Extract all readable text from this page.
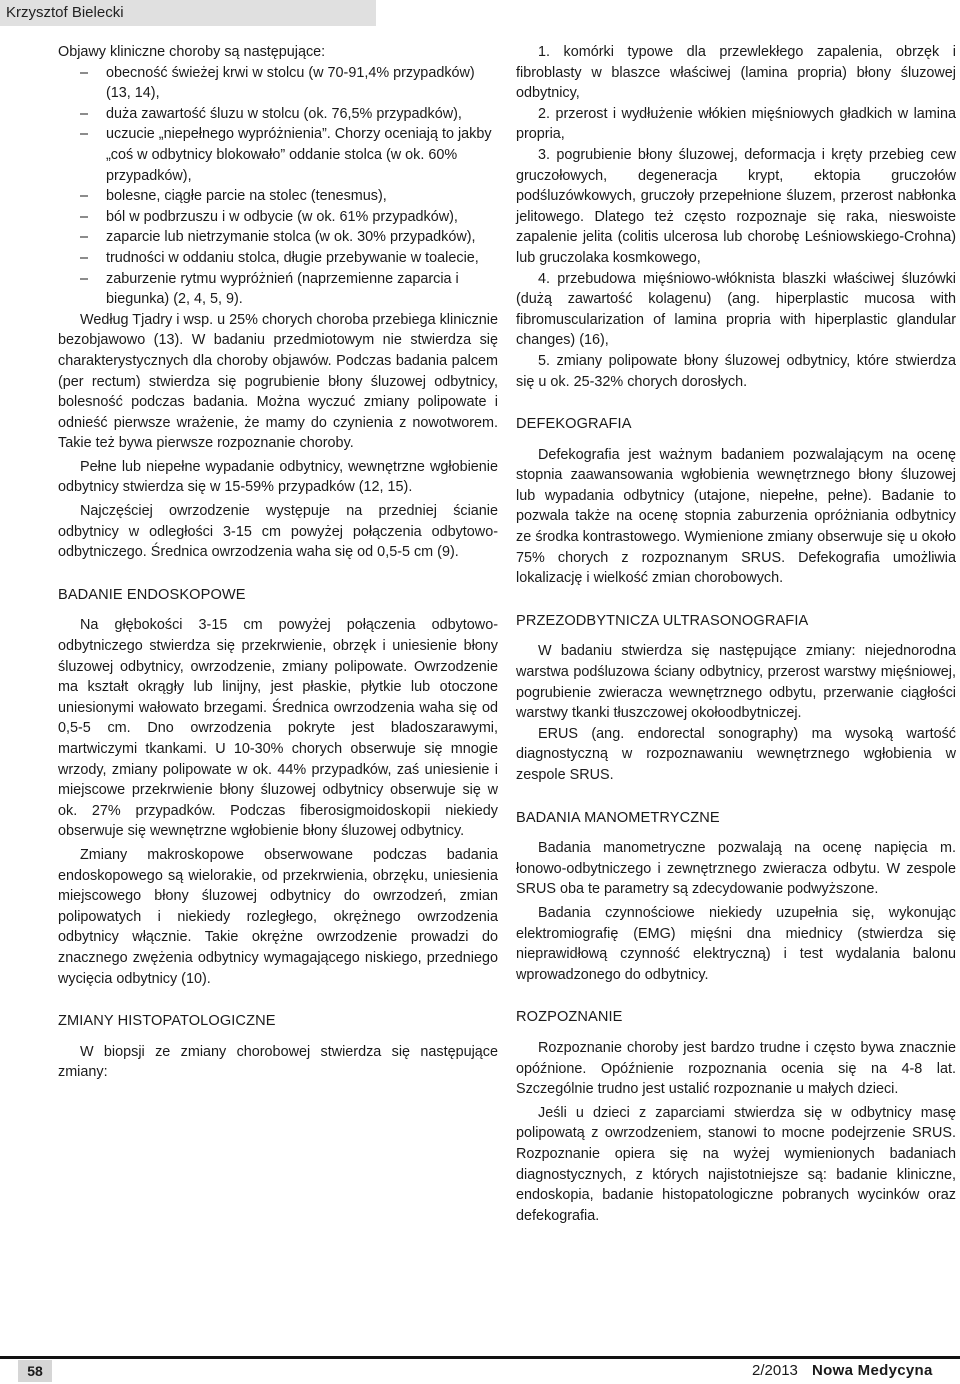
Krzysztof Bielecki

Objawy kliniczne choroby są następujące:

– obecność świeżej krwi w stolcu (w 70-91,4% przypadków) (13, 14),
– duża zawartość śluzu w stolcu (ok. 76,5% przypadków),
– uczucie „niepełnego wypróżnienia”. Chorzy oceniają to jakby „coś w odbytnicy blokowało” oddanie stolca (w ok. 60% przypadków),
– bolesne, ciągłe parcie na stolec (tenesmus),
– ból w podbrzuszu i w odbycie (w ok. 61% przypadków),
– zaparcie lub nietrzymanie stolca (w ok. 30% przypadków),
– trudności w oddaniu stolca, długie przebywanie w toalecie,
– zaburzenie rytmu wypróżnień (naprzemienne zaparcia i biegunka) (2, 4, 5, 9).

Według Tjadry i wsp. u 25% chorych choroba przebiega klinicznie bezobjawowo (13). W badaniu przedmiotowym nie stwierdza się charakterystycznych dla choroby objawów. Podczas badania palcem (per rectum) stwierdza się pogrubienie błony śluzowej odbytnicy, bolesność podczas badania. Można wyczuć zmiany polipowate i odnieść pierwsze wrażenie, że mamy do czynienia z nowotworem. Takie też bywa pierwsze rozpoznanie choroby.

Pełne lub niepełne wypadanie odbytnicy, wewnętrzne wgłobienie odbytnicy stwierdza się w 15-59% przypadków (12, 15).

Najczęściej owrzodzenie występuje na przedniej ścianie odbytnicy w odległości 3-15 cm powyżej połączenia odbytowo-odbytniczego. Średnica owrzodzenia waha się od 0,5-5 cm (9).

BADANIE ENDOSKOPOWE

Na głębokości 3-15 cm powyżej połączenia odbytowo-odbytniczego stwierdza się przekrwienie, obrzęk i uniesienie błony śluzowej odbytnicy, owrzodzenie, zmiany polipowate. Owrzodzenie ma kształt okrągły lub linijny, jest płaskie, płytkie lub otoczone uniesionymi wałowato brzegami. Średnica owrzodzenia waha się od 0,5-5 cm. Dno owrzodzenia pokryte jest bladoszarawymi, martwiczymi tkankami. U 10-30% chorych obserwuje się mnogie wrzody, zmiany polipowate w ok. 44% przypadków, zaś uniesienie i miejscowe przekrwienie błony śluzowej odbytnicy obserwuje się w ok. 27% przypadków. Podczas fiberosigmoidoskopii niekiedy obserwuje się wewnętrzne wgłobienie błony śluzowej odbytnicy.

Zmiany makroskopowe obserwowane podczas badania endoskopowego są wielorakie, od przekrwienia, obrzęku, uniesienia miejscowego błony śluzowej odbytnicy do owrzodzeń, zmian polipowatych i niekiedy rozległego, okrężnego owrzodzenia odbytnicy włącznie. Takie okrężne owrzodzenie prowadzi do znacznego zwężenia odbytnicy wymagającego niskiego, przedniego wycięcia odbytnicy (10).

ZMIANY HISTOPATOLOGICZNE

W biopsji ze zmiany chorobowej stwierdza się następujące zmiany:

1. komórki typowe dla przewlekłego zapalenia, obrzęk i fibroblasty w blaszce właściwej (lamina propria) błony śluzowej odbytnicy,

2. przerost i wydłużenie włókien mięśniowych gładkich w lamina propria,

3. pogrubienie błony śluzowej, deformacja i kręty przebieg cew gruczołowych, degeneracja krypt, ektopia gruczołów podśluzówkowych, gruczoły przepełnione śluzem, przerost nabłonka jelitowego. Dlatego też często rozpoznaje się raka, nieswoiste zapalenie jelita (colitis ulcerosa lub chorobę Leśniowskiego-Crohna) lub gruczolaka kosmkowego,

4. przebudowa mięśniowo-włóknista blaszki właściwej śluzówki (dużą zawartość kolagenu) (ang. hiperplastic mucosa with fibromuscularization of lamina propria with hiperplastic glandular changes) (16),

5. zmiany polipowate błony śluzowej odbytnicy, które stwierdza się u ok. 25-32% chorych dorosłych.

DEFEKOGRAFIA

Defekografia jest ważnym badaniem pozwalającym na ocenę stopnia zaawansowania wgłobienia wewnętrznego błony śluzowej lub wypadania odbytnicy (utajone, niepełne, pełne). Badanie to pozwala także na ocenę stopnia zaburzenia opróżniania odbytnicy ze środka kontrastowego. Wymienione zmiany obserwuje się u około 75% chorych z rozpoznanym SRUS. Defekografia umożliwia lokalizację i wielkość zmian chorobowych.

PRZEZODBYTNICZA ULTRASONOGRAFIA

W badaniu stwierdza się następujące zmiany: niejednorodna warstwa podśluzowa ściany odbytnicy, przerost warstwy mięśniowej, pogrubienie zwieracza wewnętrznego odbytu, przerwanie ciągłości warstwy tkanki tłuszczowej okołoodbytniczej.

ERUS (ang. endorectal sonography) ma wysoką wartość diagnostyczną w rozpoznawaniu wewnętrznego wgłobienia w zespole SRUS.

BADANIA MANOMETRYCZNE

Badania manometryczne pozwalają na ocenę napięcia m. łonowo-odbytniczego i zewnętrznego zwieracza odbytu. W zespole SRUS oba te parametry są zdecydowanie podwyższone.

Badania czynnościowe niekiedy uzupełnia się, wykonując elektromiografię (EMG) mięśni dna miednicy (stwierdza się nieprawidłową czynność elektryczną) i test wydalania balonu wprowadzonego do odbytnicy.

ROZPOZNANIE

Rozpoznanie choroby jest bardzo trudne i często bywa znacznie opóźnione. Opóźnienie rozpoznania ocenia się na 4-8 lat. Szczególnie trudno jest ustalić rozpoznanie u małych dzieci.

Jeśli u dzieci z zaparciami stwierdza się w odbytnicy masę polipowatą z owrzodzeniem, stanowi to mocne podejrzenie SRUS. Rozpoznanie opiera się na wyżej wymienionych badaniach diagnostycznych, z których najistotniejsze są: badanie kliniczne, endoskopia, badanie histopatologiczne pobranych wycinków oraz defekografia.

58	2/2013 Nowa Medycyna
